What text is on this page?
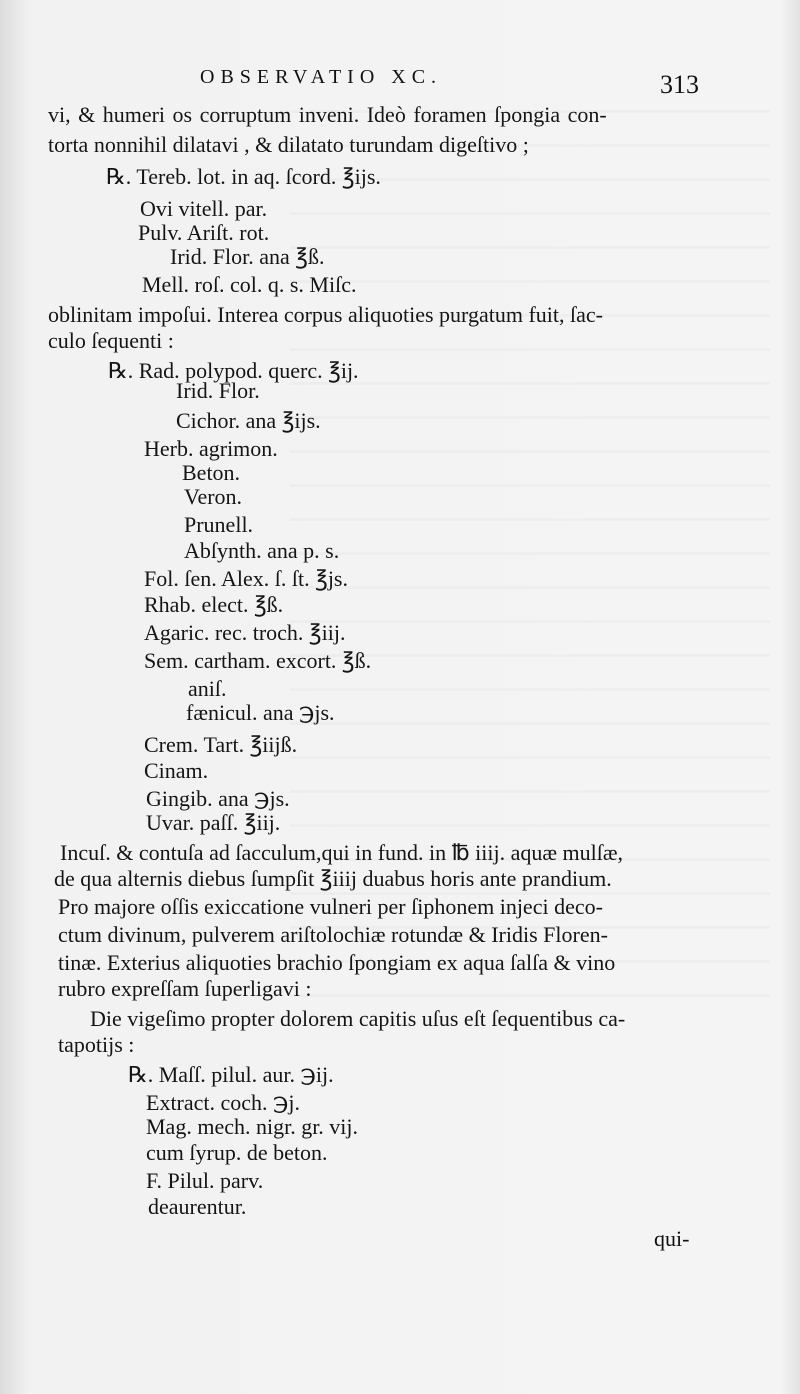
OBSERVATIO XC.	313
vi, & humeri os corruptum inveni. Ideò foramen ſpongia con-
torta nonnihil dilatavi , & dilatato turundam digeſtivo ;
℞. Tereb. lot. in aq. ſcord. ℥ijs.
Ovi vitell. par.
Pulv. Ariſt. rot.
Irid. Flor. ana ℥ß.
Mell. roſ. col. q. s. Miſc.
oblinitam impoſui. Interea corpus aliquoties purgatum fuit, ſac-
culo ſequenti :
℞. Rad. polypod. querc. ℥ij.
Irid. Flor.
Cichor. ana ℥ijs.
Herb. agrimon.
Beton.
Veron.
Prunell.
Abſynth. ana p. s.
Fol. ſen. Alex. ſ. ſt. ℥js.
Rhab. elect. ℥ß.
Agaric. rec. troch. ℥iij.
Sem. cartham. excort. ℥ß.
aniſ.
fænicul. ana ℈js.
Crem. Tart. ℥iijß.
Cinam.
Gingib. ana ℈js.
Uvar. paſſ. ℥iij.
Incuſ. & contuſa ad ſacculum,qui in fund. in ℔ iiij. aquæ mulſæ,
de qua alternis diebus ſumpſit ℥iiij duabus horis ante prandium.
Pro majore oſſis exiccatione vulneri per ſiphonem injeci deco-
ctum divinum, pulverem ariſtolochiæ rotundæ & Iridis Floren-
tinæ. Exterius aliquoties brachio ſpongiam ex aqua ſalſa & vino
rubro expreſſam ſuperligavi :
Die vigeſimo propter dolorem capitis uſus eſt ſequentibus ca-
tapotijs :
℞. Maſſ. pilul. aur. ℈ij.
Extract. coch. ℈j.
Mag. mech. nigr. gr. vij.
cum ſyrup. de beton.
F. Pilul. parv.
deaurentur.
qui-
